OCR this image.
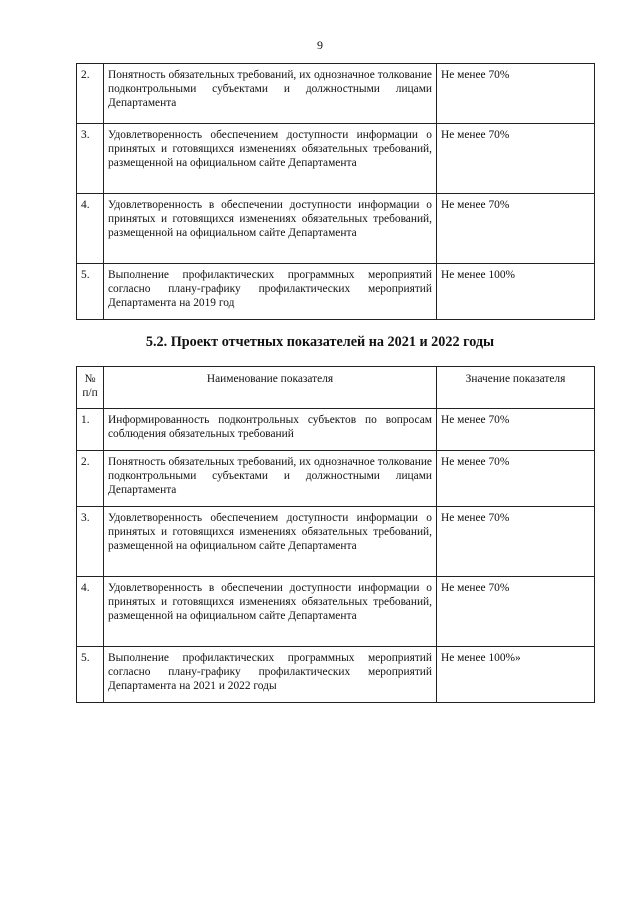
9
2.	Понятность обязательных требований, их однозначное толкование подконтрольными субъектами и должностными лицами Департамента	Не менее 70%
3.	Удовлетворенность обеспечением доступности информации о принятых и готовящихся изменениях обязательных требований, размещенной на официальном сайте Департамента	Не менее 70%
4.	Удовлетворенность в обеспечении доступности информации о принятых и готовящихся изменениях обязательных требований, размещенной на официальном сайте Департамента	Не менее 70%
5.	Выполнение профилактических программных мероприятий согласно плану-графику профилактических мероприятий Департамента на 2019 год	Не менее 100%
5.2. Проект отчетных показателей на 2021 и 2022 годы
№ п/п	Наименование показателя	Значение показателя
1.	Информированность подконтрольных субъектов по вопросам соблюдения обязательных требований	Не менее 70%
2.	Понятность обязательных требований, их однозначное толкование подконтрольными субъектами и должностными лицами Департамента	Не менее 70%
3.	Удовлетворенность обеспечением доступности информации о принятых и готовящихся изменениях обязательных требований, размещенной на официальном сайте Департамента	Не менее 70%
4.	Удовлетворенность в обеспечении доступности информации о принятых и готовящихся изменениях обязательных требований, размещенной на официальном сайте Департамента	Не менее 70%
5.	Выполнение профилактических программных мероприятий согласно плану-графику профилактических мероприятий Департамента на 2021 и 2022 годы	Не менее 100%»
